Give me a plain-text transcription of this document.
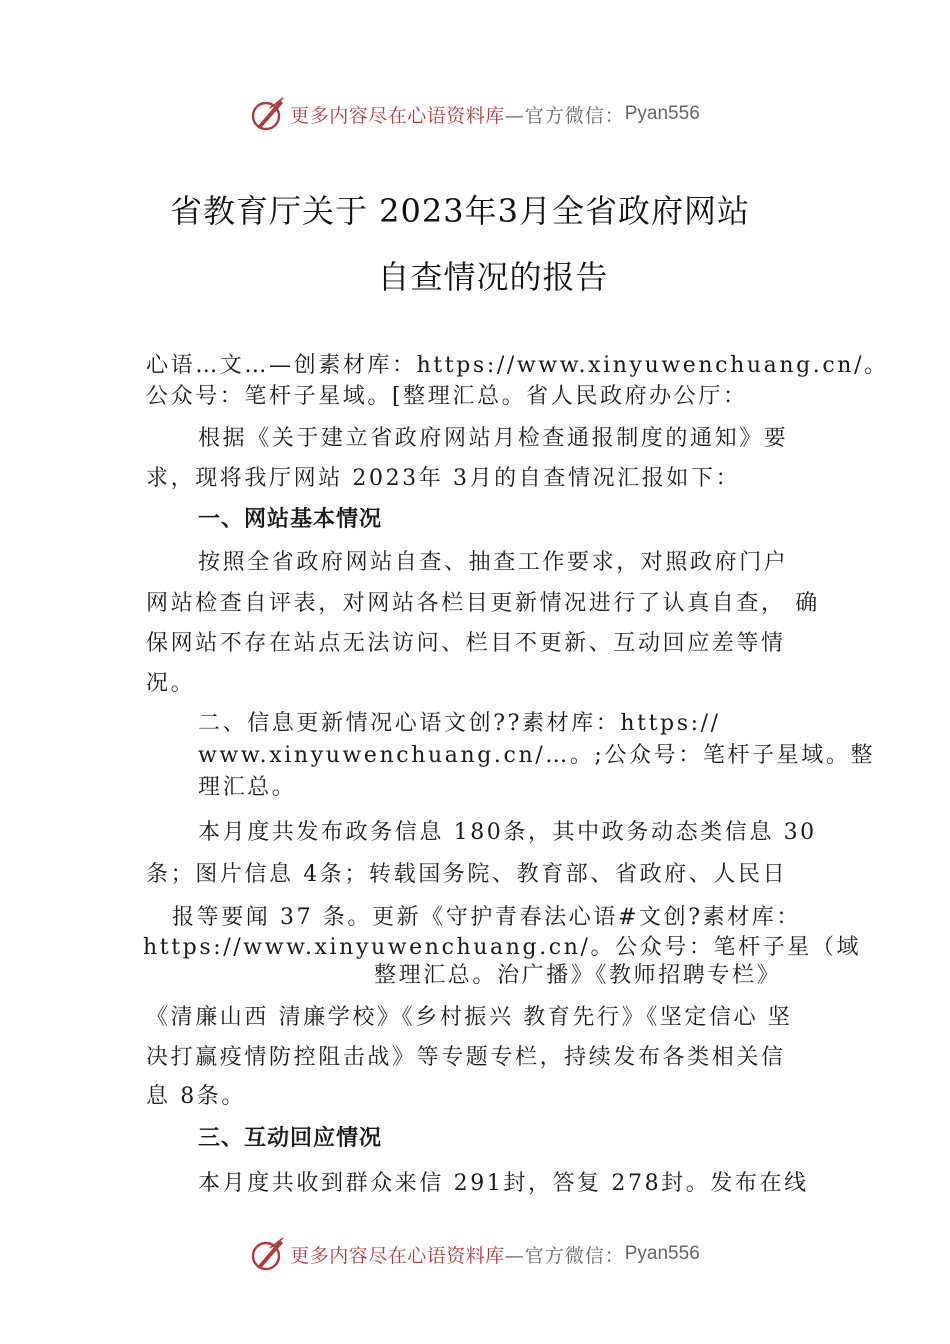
更多内容尽在心语资料库 —官方微信： Pyan556
省教育厅关于 2023年3月全省政府网站
自查情况的报告
心语…文…—创素材库：https://www.xinyuwenchuang.cn/。
公众号：笔杆子星域。[整理汇总。省人民政府办公厅：
根据《关于建立省政府网站月检查通报制度的通知》要
求，现将我厅网站 2023年 3月的自查情况汇报如下：
一、网站基本情况
按照全省政府网站自查、抽查工作要求，对照政府门户
网站检查自评表，对网站各栏目更新情况进行了认真自查， 确
保网站不存在站点无法访问、栏目不更新、互动回应差等情
况。
二、信息更新情况心语文创??素材库：https://
www.xinyuwenchuang.cn/…。;公众号：笔杆子星域。整
理汇总。
本月度共发布政务信息 180条，其中政务动态类信息 30
条；图片信息 4条；转载国务院、教育部、省政府、人民日
报等要闻 37 条。更新《守护青春法心语#文创?素材库：
https://www.xinyuwenchuang.cn/。公众号：笔杆子星（域
整理汇总。治广播》《教师招聘专栏》
《清廉山西 清廉学校》《乡村振兴 教育先行》《坚定信心 坚
决打赢疫情防控阻击战》等专题专栏，持续发布各类相关信
息 8条。
三、互动回应情况
本月度共收到群众来信 291封，答复 278封。发布在线
更多内容尽在心语资料库 —官方微信： Pyan556
